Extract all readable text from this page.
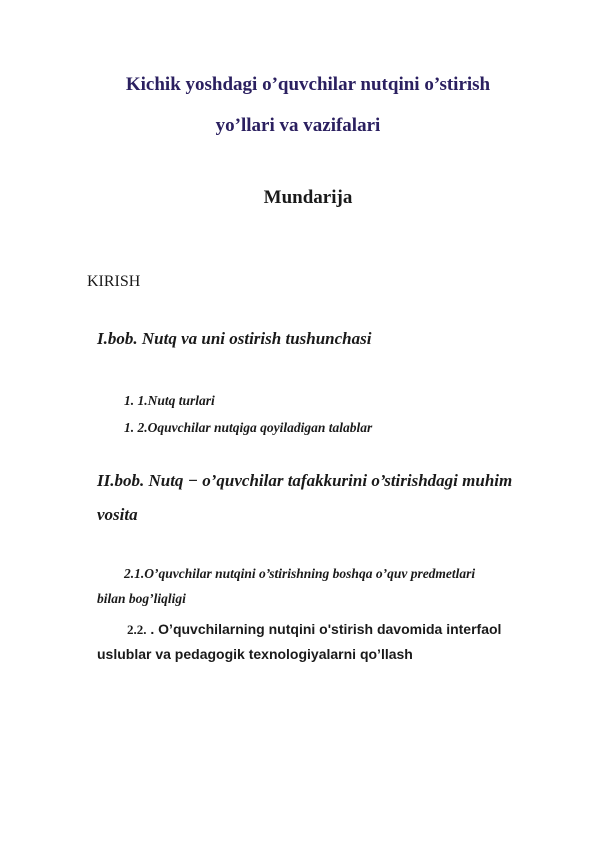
Kichik yoshdagi o’quvchilar nutqini o’stirish
yo’llari va vazifalari
Mundarija

KIRISH

I.bob. Nutq va uni ostirish tushunchasi

1. 1.Nutq turlari

1. 2.Oquvchilar nutqiga qoyiladigan talablar

II.bob. Nutq − o’quvchilar tafakkurini o’stirishdagi muhim

vosita

2.1.O’quvchilar nutqini o’stirishning boshqa o’quv predmetlari

bilan bog’liqligi

2.2. . O’quvchilarning nutqini o'stirish davomida interfaol

uslublar va pedagogik texnologiyalarni qo’llash
